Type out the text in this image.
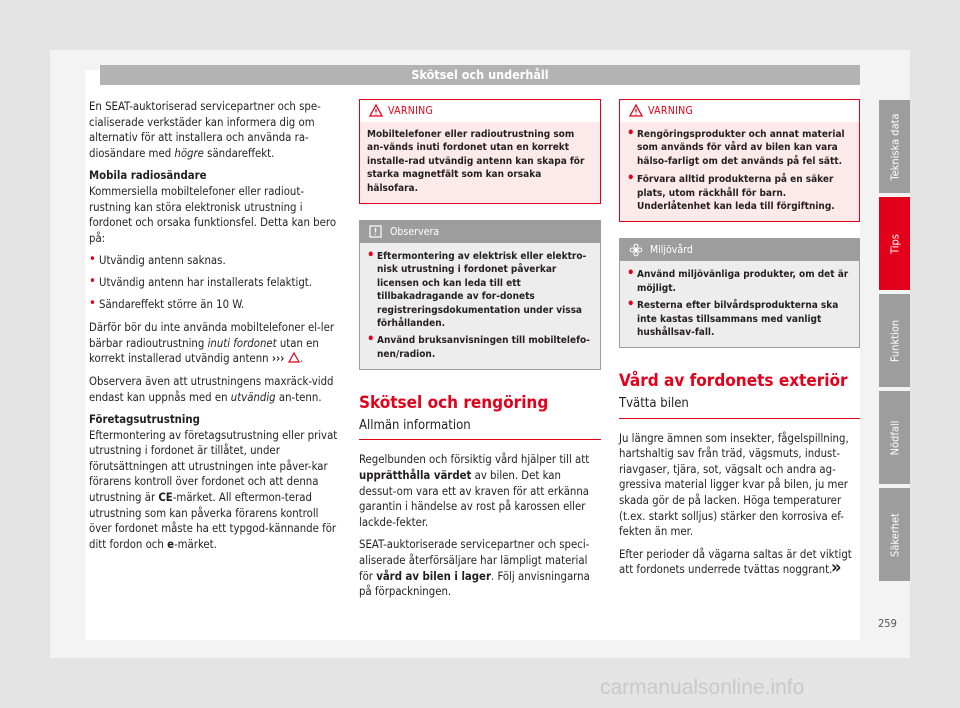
Skötsel och underhåll

En SEAT-auktoriserad servicepartner och spe-cialiserade verkstäder kan informera dig om alternativ för att installera och använda ra-diosändare med högre sändareffekt.

Mobila radiosändare

Kommersiella mobiltelefoner eller radiout-rustning kan störa elektronisk utrustning i fordonet och orsaka funktionsfel. Detta kan bero på:

• Utvändig antenn saknas.
• Utvändig antenn har installerats felaktigt.
• Sändareffekt större än 10 W.

Därför bör du inte använda mobiltelefoner el-ler bärbar radioutrustning inuti fordonet utan en korrekt installerad utvändig antenn ››› .

Observera även att utrustningens maxräck-vidd endast kan uppnås med en utvändig an-tenn.

Företagsutrustning

Eftermontering av företagsutrustning eller privat utrustning i fordonet är tillåtet, under förutsättningen att utrustningen inte påver-kar förarens kontroll över fordonet och att denna utrustning är CE-märket. All eftermon-terad utrustning som kan påverka förarens kontroll över fordonet måste ha ett typgod-kännande för ditt fordon och e-märket.

VARNING
Mobiltelefoner eller radioutrustning som an-vänds inuti fordonet utan en korrekt installe-rad utvändig antenn kan skapa för starka magnetfält som kan orsaka hälsofara.
Observera
• Eftermontering av elektrisk eller elektro-nisk utrustning i fordonet påverkar licensen och kan leda till ett tillbakadragande av for-donets registreringsdokumentation under vissa förhållanden.
• Använd bruksanvisningen till mobiltelefo-nen/radion.
Skötsel och rengöring
Allmän information

Regelbunden och försiktig vård hjälper till att upprätthålla värdet av bilen. Det kan dessut-om vara ett av kraven för att erkänna garantin i händelse av rost på karossen eller lackde-fekter.

SEAT-auktoriserade servicepartner och speci-aliserade återförsäljare har lämpligt material för vård av bilen i lager. Följ anvisningarna på förpackningen.

VARNING
• Rengöringsprodukter och annat material som används för vård av bilen kan vara hälso-farligt om det används på fel sätt.
• Förvara alltid produkterna på en säker plats, utom räckhåll för barn. Underlåtenhet kan leda till förgiftning.
Miljövård
• Använd miljövänliga produkter, om det är möjligt.
• Resterna efter bilvårdsprodukterna ska inte kastas tillsammans med vanligt hushållsav-fall.
Vård av fordonets exteriör
Tvätta bilen

Ju längre ämnen som insekter, fågelspillning, hartshaltig sav från träd, vägsmuts, indust-riavgaser, tjära, sot, vägsalt och andra ag-gressiva material ligger kvar på bilen, ju mer skada gör de på lacken. Höga temperaturer (t.ex. starkt solljus) stärker den korrosiva ef-fekten än mer.

Efter perioder då vägarna saltas är det viktigt att fordonets underrede tvättas noggrant.

»
Tekniska data
Tips
Funktion
Nödfall
Säkerhet
259
carmanualsonline.info
